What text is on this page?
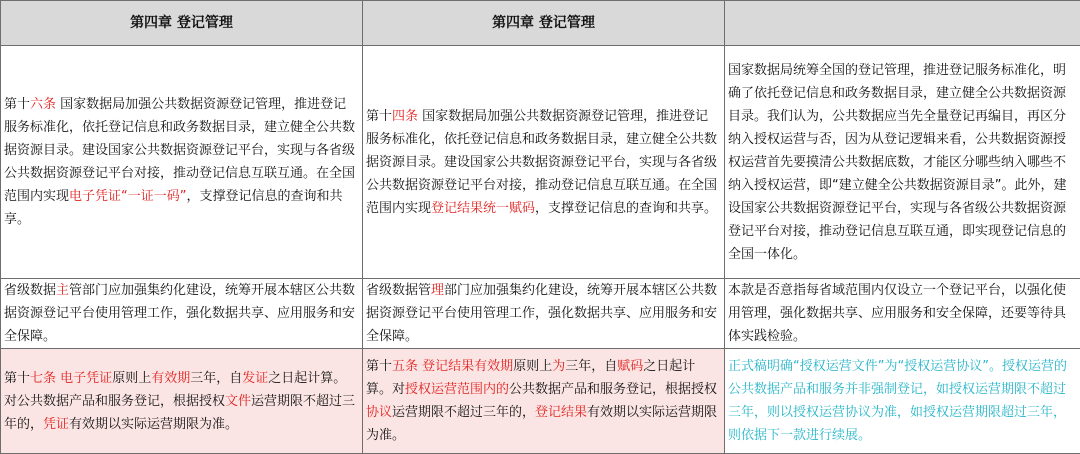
第四章 登记管理	第四章 登记管理	
第十六条 国家数据局加强公共数据资源登记管理，推进登记服务标准化，依托登记信息和政务数据目录，建立健全公共数据资源目录。建设国家公共数据资源登记平台，实现与各省级公共数据资源登记平台对接，推动登记信息互联互通。在全国范围内实现电子凭证“一证一码”，支撑登记信息的查询和共享。	第十四条 国家数据局加强公共数据资源登记管理，推进登记服务标准化，依托登记信息和政务数据目录，建立健全公共数据资源目录。建设国家公共数据资源登记平台，实现与各省级公共数据资源登记平台对接，推动登记信息互联互通。在全国范围内实现登记结果统一赋码，支撑登记信息的查询和共享。	国家数据局统筹全国的登记管理，推进登记服务标准化，明确了依托登记信息和政务数据目录，建立健全公共数据资源目录。我们认为，公共数据应当先全量登记再编目，再区分纳入授权运营与否，因为从登记逻辑来看，公共数据资源授权运营首先要摸清公共数据底数，才能区分哪些纳入哪些不纳入授权运营，即“建立健全公共数据资源目录”。此外，建设国家公共数据资源登记平台，实现与各省级公共数据资源登记平台对接，推动登记信息互联互通，即实现登记信息的全国一体化。
省级数据主管部门应加强集约化建设，统筹开展本辖区公共数据资源登记平台使用管理工作，强化数据共享、应用服务和安全保障。	省级数据管理部门应加强集约化建设，统筹开展本辖区公共数据资源登记平台使用管理工作，强化数据共享、应用服务和安全保障。	本款是否意指每省域范围内仅设立一个登记平台，以强化使用管理，强化数据共享、应用服务和安全保障，还要等待具体实践检验。
第十七条 电子凭证原则上有效期三年，自发证之日起计算。对公共数据产品和服务登记，根据授权文件运营期限不超过三年的，凭证有效期以实际运营期限为准。	第十五条 登记结果有效期原则上为三年，自赋码之日起计算。对授权运营范围内的公共数据产品和服务登记，根据授权协议运营期限不超过三年的，登记结果有效期以实际运营期限为准。	正式稿明确“授权运营文件”为“授权运营协议”。授权运营的公共数据产品和服务并非强制登记，如授权运营期限不超过三年，则以授权运营协议为准，如授权运营期限超过三年，则依据下一款进行续展。
